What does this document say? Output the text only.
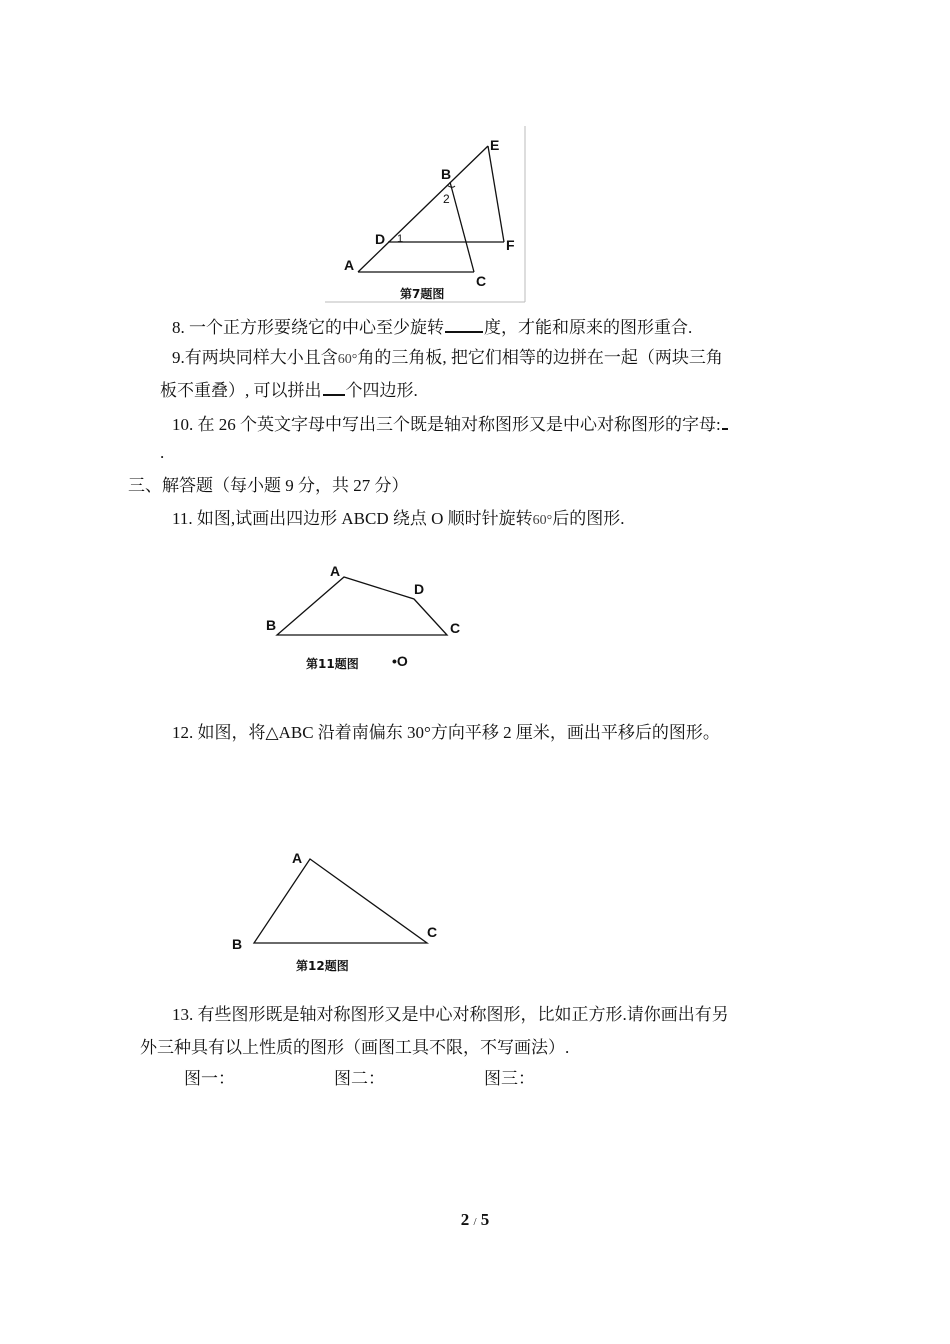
A
B
C
D
E
F
1
2
第7题图
8. 一个正方形要绕它的中心至少旋转 度，才能和原来的图形重合.
9.有两块同样大小且含60°角的三角板, 把它们相等的边拼在一起（两块三角
板不重叠）, 可以拼出 个四边形.
10. 在 26 个英文字母中写出三个既是轴对称图形又是中心对称图形的字母:
.
三、解答题（每小题 9 分，共 27 分）
11. 如图,试画出四边形 ABCD 绕点 O 顺时针旋转60°后的图形.
A
B	C
D
第11题图 •O
12. 如图，将△ABC 沿着南偏东 30°方向平移 2 厘米，画出平移后的图形。
A
B
C
第12题图
13. 有些图形既是轴对称图形又是中心对称图形，比如正方形.请你画出有另
外三种具有以上性质的图形（画图工具不限，不写画法）.
图一：	图二：	图三：
2 / 5
